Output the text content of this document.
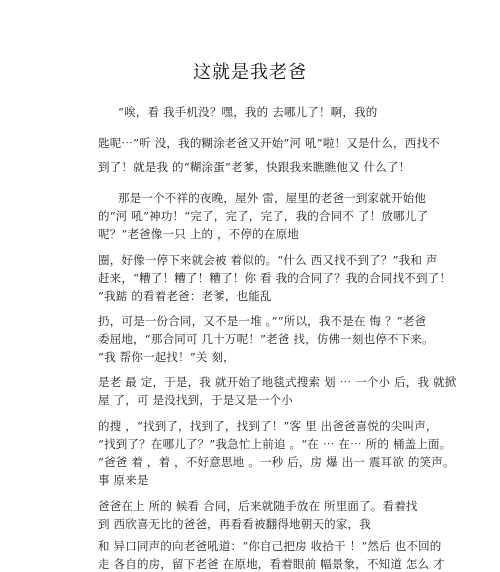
这就是我老爸
“唉，看 我手机没？嘿，我的 去哪儿了！啊，我的
匙呢⋯”听 没，我的糊涂老爸又开始“河 吼”啦！又是什么，西找不
到了！就是我 的“糊涂蛋”老爹，快跟我来瞧瞧他又 什么了！
那是一个不祥的夜晚，屋外 雷，屋里的老爸一到家就开始他
的“河 吼”神功！“完了，完了，完了，我的合同不 了！放哪儿了
呢？”老爸像一只 上的 ，不停的在原地
圈，好像一停下来就会被 着似的。“什么 西又找不到了？”我和 声
赶来，“糟了！糟了！糟了！你 看 我的合同了？我的合同找不到了！
”我踮 的看着老爸：老爹，也能乱
扔，可是一份合同，又不是一堆 。”“所以，我不是在 悔 ？”老爸
委屈地，“那合同可 几十万呢！”老爸 找，仿佛一刻也停不下来。
“我 帮你一起找！”关 刻，
是老 最 定，于是，我 就开始了地毯式搜索 划 ⋯ 一个小 后，我 就掀
屋 了，可 是没找到，于是又是一个小
的搜 ，“找到了，找到了，找到了！”客 里 出爸爸喜悦的尖叫声，
“找到了？在哪儿了？”我急忙上前追 。“在 ⋯ 在⋯ 所的 桶盖上面。
”爸爸 着 ，着 ，不好意思地 。一秒 后，房 爆 出一 震耳欲 的笑声。
事 原来是
爸爸在上 所的 候看 合同，后来就随手放在 所里面了。看着找
到 西欣喜无比的爸爸，再看看被翻得地朝天的家，我
和 异口同声的向老爸吼道：“你自己把房 收拾干 ！”然后 也不回的
走 各自的房，留下老爸 在原地，看着眼前 幅景象，不知道 怎么 才
